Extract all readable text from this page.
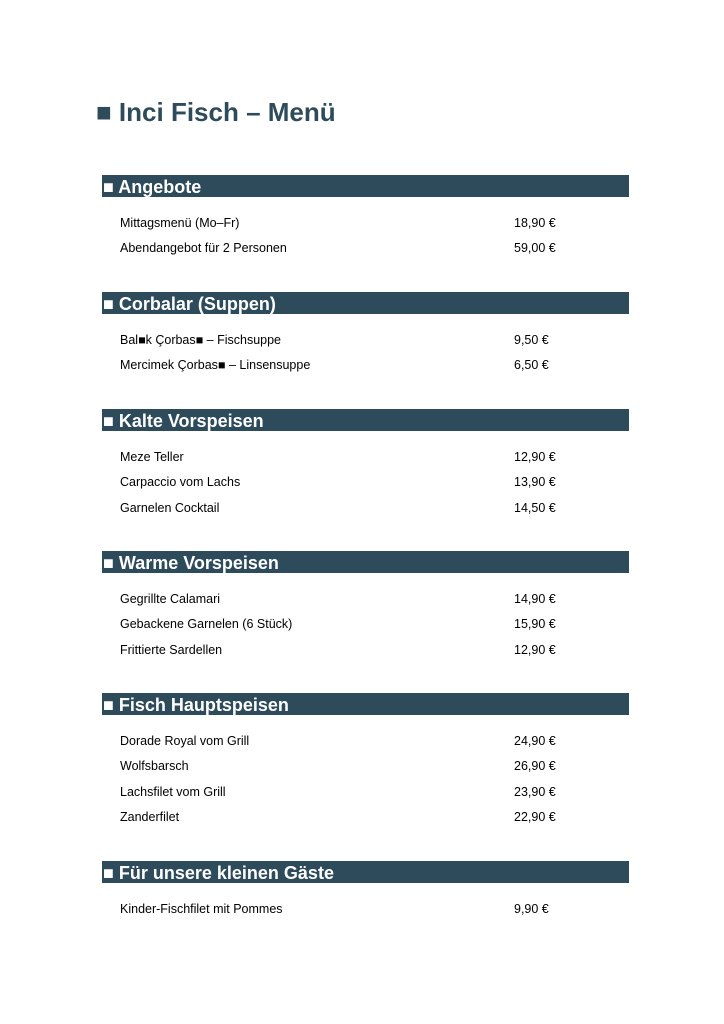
■ Inci Fisch – Menü
■ Angebote
Mittagsmenü (Mo–Fr)	18,90 €
Abendangebot für 2 Personen	59,00 €
■ Corbalar (Suppen)
Bal■k Çorbas■ – Fischsuppe	9,50 €
Mercimek Çorbas■ – Linsensuppe	6,50 €
■ Kalte Vorspeisen
Meze Teller	12,90 €
Carpaccio vom Lachs	13,90 €
Garnelen Cocktail	14,50 €
■ Warme Vorspeisen
Gegrillte Calamari	14,90 €
Gebackene Garnelen (6 Stück)	15,90 €
Frittierte Sardellen	12,90 €
■ Fisch Hauptspeisen
Dorade Royal vom Grill	24,90 €
Wolfsbarsch	26,90 €
Lachsfilet vom Grill	23,90 €
Zanderfilet	22,90 €
■ Für unsere kleinen Gäste
Kinder-Fischfilet mit Pommes	9,90 €
